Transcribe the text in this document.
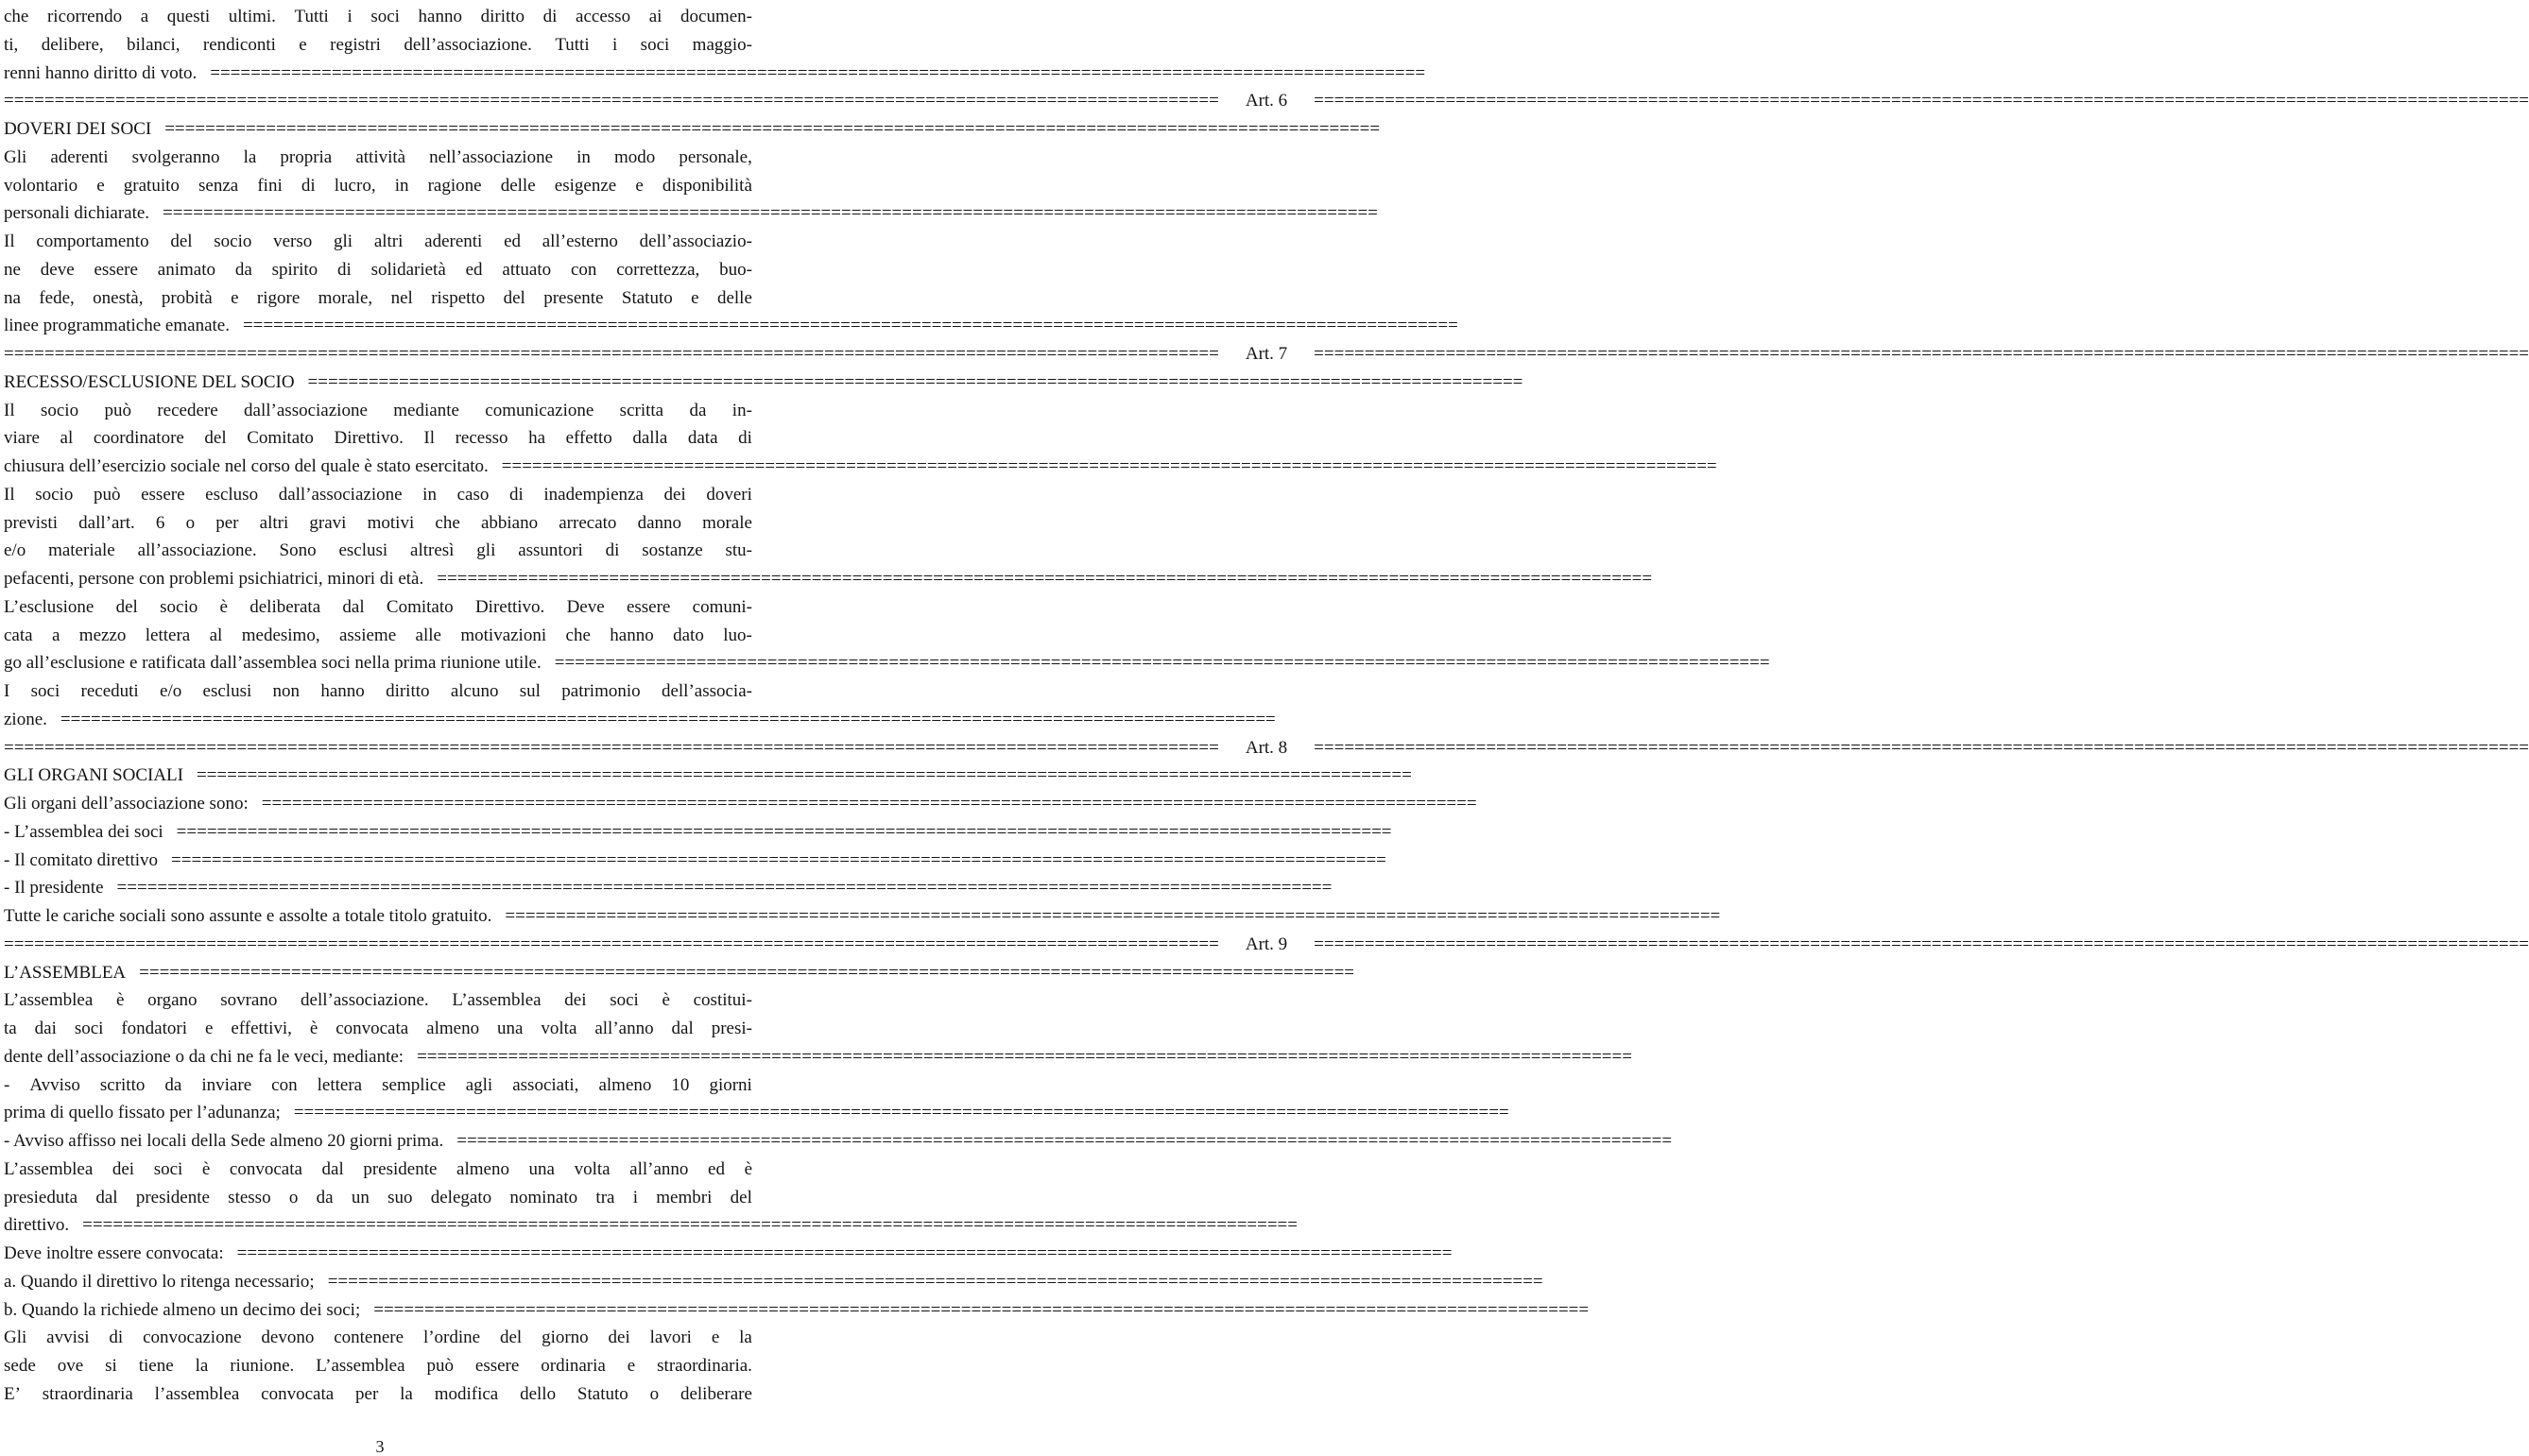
che ricorrendo a questi ultimi. Tutti i soci hanno diritto di accesso ai documen-
ti, delibere, bilanci, rendiconti e registri dell’associazione. Tutti i soci maggio-
renni hanno diritto di voto. ========================================================================================================================
========================================================================================================================	Art. 6	========================================================================================================================
DOVERI DEI SOCI ========================================================================================================================
Gli aderenti svolgeranno la propria attività nell’associazione in modo personale,
volontario e gratuito senza fini di lucro, in ragione delle esigenze e disponibilità
personali dichiarate. ========================================================================================================================
Il comportamento del socio verso gli altri aderenti ed all’esterno dell’associazio-
ne deve essere animato da spirito di solidarietà ed attuato con correttezza, buo-
na fede, onestà, probità e rigore morale, nel rispetto del presente Statuto e delle
linee programmatiche emanate. ========================================================================================================================
========================================================================================================================	Art. 7	========================================================================================================================
RECESSO/ESCLUSIONE DEL SOCIO ========================================================================================================================
Il socio può recedere dall’associazione mediante comunicazione scritta da in-
viare al coordinatore del Comitato Direttivo. Il recesso ha effetto dalla data di
chiusura dell’esercizio sociale nel corso del quale è stato esercitato. ========================================================================================================================
Il socio può essere escluso dall’associazione in caso di inadempienza dei doveri
previsti dall’art. 6 o per altri gravi motivi che abbiano arrecato danno morale
e/o materiale all’associazione. Sono esclusi altresì gli assuntori di sostanze stu-
pefacenti, persone con problemi psichiatrici, minori di età. ========================================================================================================================
L’esclusione del socio è deliberata dal Comitato Direttivo. Deve essere comuni-
cata a mezzo lettera al medesimo, assieme alle motivazioni che hanno dato luo-
go all’esclusione e ratificata dall’assemblea soci nella prima riunione utile. ========================================================================================================================
I soci receduti e/o esclusi non hanno diritto alcuno sul patrimonio dell’associa-
zione. ========================================================================================================================
========================================================================================================================	Art. 8	========================================================================================================================
GLI ORGANI SOCIALI ========================================================================================================================
Gli organi dell’associazione sono: ========================================================================================================================
- L’assemblea dei soci ========================================================================================================================
- Il comitato direttivo ========================================================================================================================
- Il presidente ========================================================================================================================
Tutte le cariche sociali sono assunte e assolte a totale titolo gratuito. ========================================================================================================================
========================================================================================================================	Art. 9	========================================================================================================================
L’ASSEMBLEA ========================================================================================================================
L’assemblea è organo sovrano dell’associazione. L’assemblea dei soci è costitui-
ta dai soci fondatori e effettivi, è convocata almeno una volta all’anno dal presi-
dente dell’associazione o da chi ne fa le veci, mediante: ========================================================================================================================
- Avviso scritto da inviare con lettera semplice agli associati, almeno 10 giorni
prima di quello fissato per l’adunanza; ========================================================================================================================
- Avviso affisso nei locali della Sede almeno 20 giorni prima. ========================================================================================================================
L’assemblea dei soci è convocata dal presidente almeno una volta all’anno ed è
presieduta dal presidente stesso o da un suo delegato nominato tra i membri del
direttivo. ========================================================================================================================
Deve inoltre essere convocata: ========================================================================================================================
a. Quando il direttivo lo ritenga necessario; ========================================================================================================================
b. Quando la richiede almeno un decimo dei soci; ========================================================================================================================
Gli avvisi di convocazione devono contenere l’ordine del giorno dei lavori e la
sede ove si tiene la riunione. L’assemblea può essere ordinaria e straordinaria.
E’ straordinaria l’assemblea convocata per la modifica dello Statuto o deliberare
3
